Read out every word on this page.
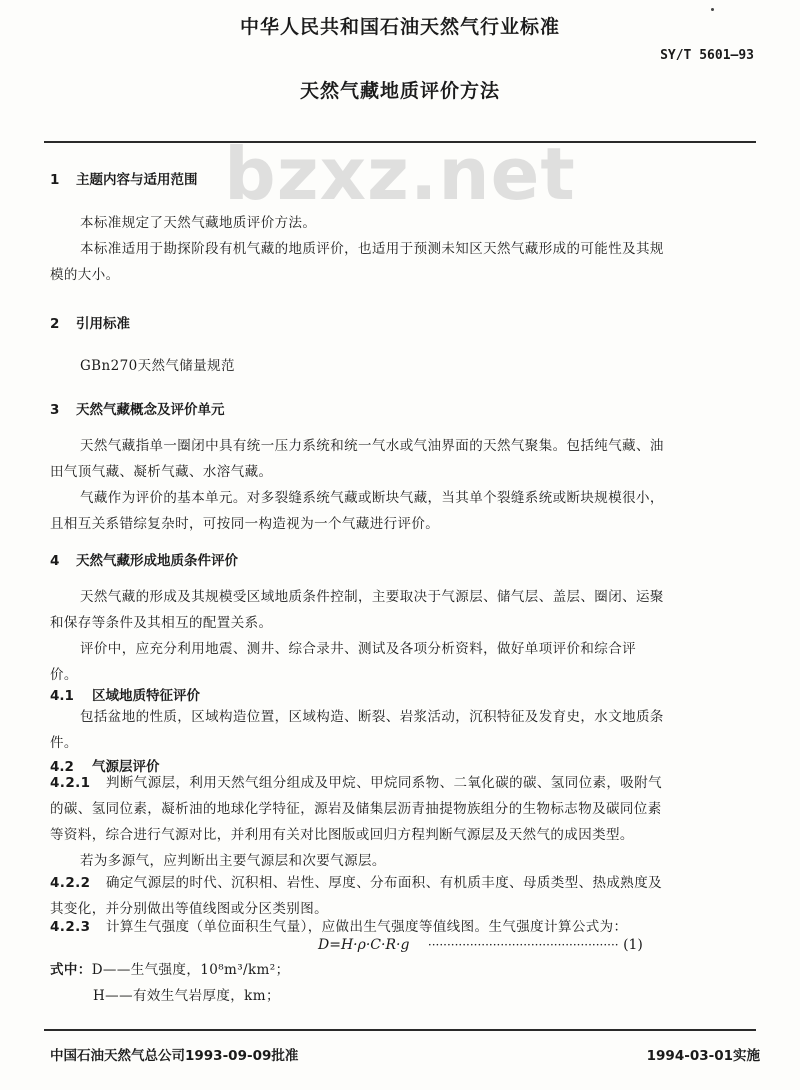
中华人民共和国石油天然气行业标准
SY/T 5601—93
天然气藏地质评价方法
bzxz.net
1 主题内容与适用范围
本标准规定了天然气藏地质评价方法。
本标准适用于勘探阶段有机气藏的地质评价，也适用于预测未知区天然气藏形成的可能性及其规
模的大小。
2 引用标准
GBn270天然气储量规范
3 天然气藏概念及评价单元
天然气藏指单一圈闭中具有统一压力系统和统一气水或气油界面的天然气聚集。包括纯气藏、油
田气顶气藏、凝析气藏、水溶气藏。
气藏作为评价的基本单元。对多裂缝系统气藏或断块气藏，当其单个裂缝系统或断块规模很小，
且相互关系错综复杂时，可按同一构造视为一个气藏进行评价。
4 天然气藏形成地质条件评价
天然气藏的形成及其规模受区域地质条件控制，主要取决于气源层、储气层、盖层、圈闭、运聚
和保存等条件及其相互的配置关系。
评价中，应充分利用地震、测井、综合录井、测试及各项分析资料，做好单项评价和综合评
价。
4.1 区域地质特征评价
包括盆地的性质，区域构造位置，区域构造、断裂、岩浆活动，沉积特征及发育史，水文地质条
件。
4.2 气源层评价
4.2.1 判断气源层，利用天然气组分组成及甲烷、甲烷同系物、二氧化碳的碳、氢同位素，吸附气
的碳、氢同位素，凝析油的地球化学特征，源岩及储集层沥青抽提物族组分的生物标志物及碳同位素
等资料，综合进行气源对比，并利用有关对比图版或回归方程判断气源层及天然气的成因类型。
若为多源气，应判断出主要气源层和次要气源层。
4.2.2 确定气源层的时代、沉积相、岩性、厚度、分布面积、有机质丰度、母质类型、热成熟度及
其变化，并分别做出等值线图或分区类别图。
4.2.3 计算生气强度（单位面积生气量），应做出生气强度等值线图。生气强度计算公式为：
D=H·ρ·C·R·g ·················································· (1)
式中：D——生气强度，10⁸m³/km²；
H——有效生气岩厚度，km；
中国石油天然气总公司1993-09-09批准	1994-03-01实施
